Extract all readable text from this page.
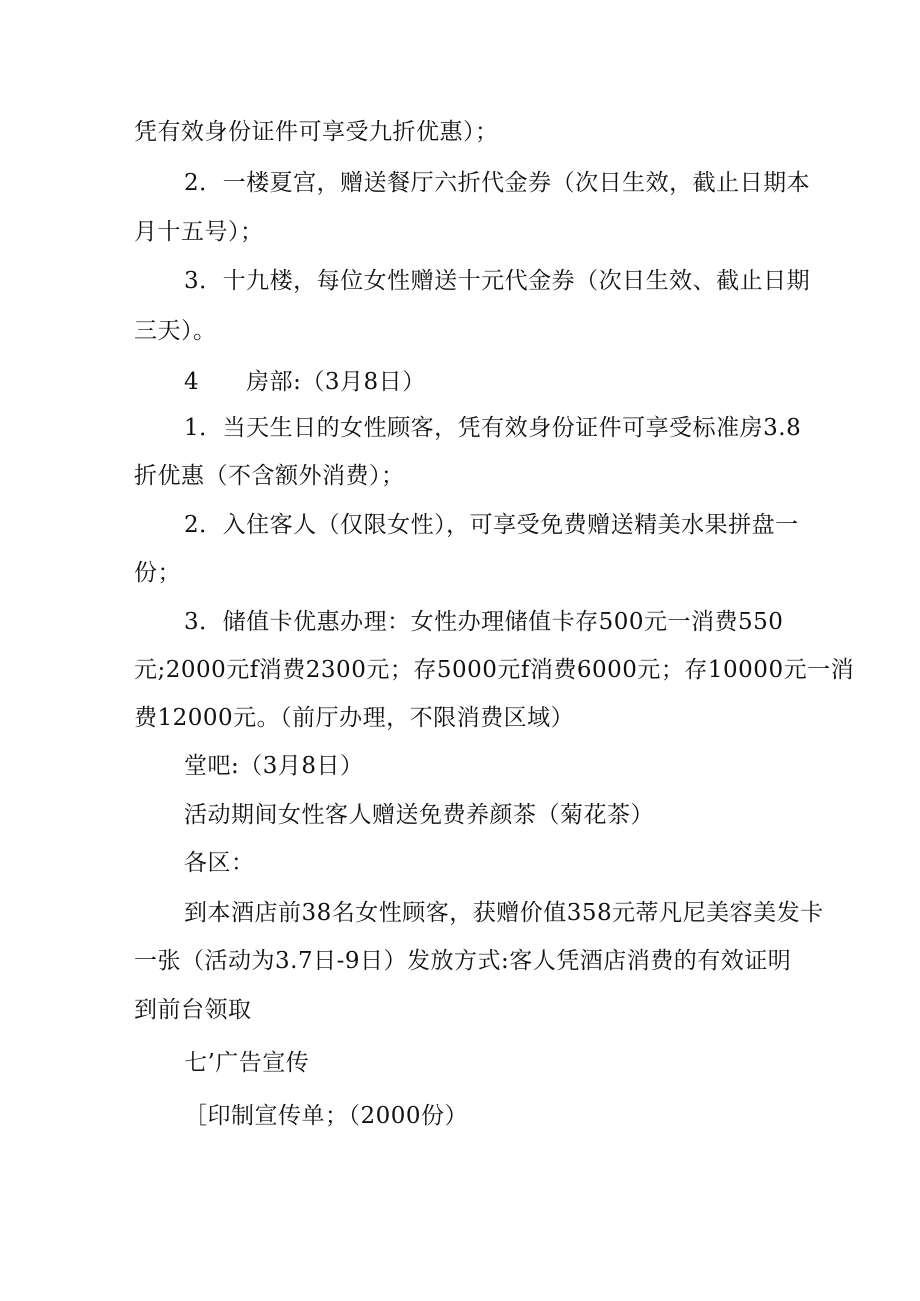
凭有效身份证件可享受九折优惠）；
2．一楼夏宫，赠送餐厅六折代金券（次日生效，截止日期本
月十五号）；
3．十九楼，每位女性赠送十元代金券（次日生效、截止日期
三天）。
4　　房部:（3月8日）
1．当天生日的女性顾客，凭有效身份证件可享受标准房3.8
折优惠（不含额外消费）；
2．入住客人（仅限女性），可享受免费赠送精美水果拼盘一
份；
3．储值卡优惠办理：女性办理储值卡存500元一消费550
元;2000元f消费2300元；存5000元f消费6000元；存10000元一消
费12000元。（前厅办理，不限消费区域）
堂吧:（3月8日）
活动期间女性客人赠送免费养颜茶（菊花茶）
各区：
到本酒店前38名女性顾客，获赠价值358元蒂凡尼美容美发卡
一张（活动为3.7日-9日）发放方式:客人凭酒店消费的有效证明
到前台领取
七’广告宣传
［印制宣传单；（2000份）
